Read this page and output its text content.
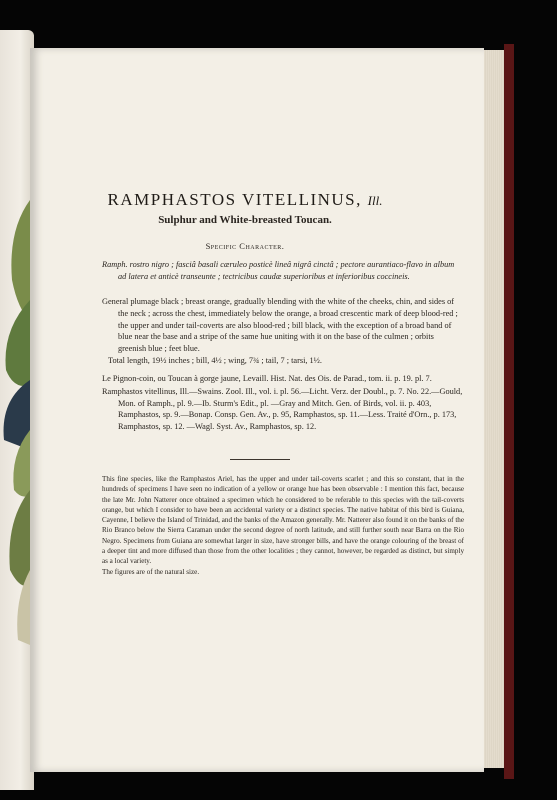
RAMPHASTOS VITELLINUS, Ill.
Sulphur and White-breasted Toucan.
Specific Character.

Ramph. rostro nigro ; fasciâ basali cæruleo posticè lineâ nigrâ cinctâ ; pectore aurantiaco-flavo in album ad latera et anticè transeunte ; tectricibus caudæ superioribus et inferioribus coccineis.

General plumage black ; breast orange, gradually blending with the white of the cheeks, chin, and sides of the neck ; across the chest, immediately below the orange, a broad crescentic mark of deep blood-red ; the upper and under tail-coverts are also blood-red ; bill black, with the exception of a broad band of blue near the base and a stripe of the same hue uniting with it on the base of the culmen ; orbits greenish blue ; feet blue.

Total length, 19½ inches ; bill, 4½ ; wing, 7¾ ; tail, 7 ; tarsi, 1½.

Le Pignon-coin, ou Toucan à gorge jaune, Levaill. Hist. Nat. des Ois. de Parad., tom. ii. p. 19. pl. 7.

Ramphastos vitellinus, Ill.—Swains. Zool. Ill., vol. i. pl. 56.—Licht. Verz. der Doubl., p. 7. No. 22.—Gould, Mon. of Ramph., pl. 9.—Ib. Sturm's Edit., pl. —Gray and Mitch. Gen. of Birds, vol. ii. p. 403, Ramphastos, sp. 9.—Bonap. Consp. Gen. Av., p. 95, Ramphastos, sp. 11.—Less. Traité d'Orn., p. 173, Ramphastos, sp. 12. —Wagl. Syst. Av., Ramphastos, sp. 12.

This fine species, like the Ramphastos Ariel, has the upper and under tail-coverts scarlet ; and this so constant, that in the hundreds of specimens I have seen no indication of a yellow or orange hue has been observable : I mention this fact, because the late Mr. John Natterer once obtained a specimen which he considered to be referable to this species with the tail-coverts orange, but which I consider to have been an accidental variety or a distinct species. The native habitat of this bird is Guiana, Cayenne, I believe the Island of Trinidad, and the banks of the Amazon generally. Mr. Natterer also found it on the banks of the Rio Branco below the Sierra Caraman under the second degree of north latitude, and still further south near Barra on the Rio Negro. Specimens from Guiana are somewhat larger in size, have stronger bills, and have the orange colouring of the breast of a deeper tint and more diffused than those from the other localities ; they cannot, however, be regarded as distinct, but simply as a local variety.

The figures are of the natural size.
